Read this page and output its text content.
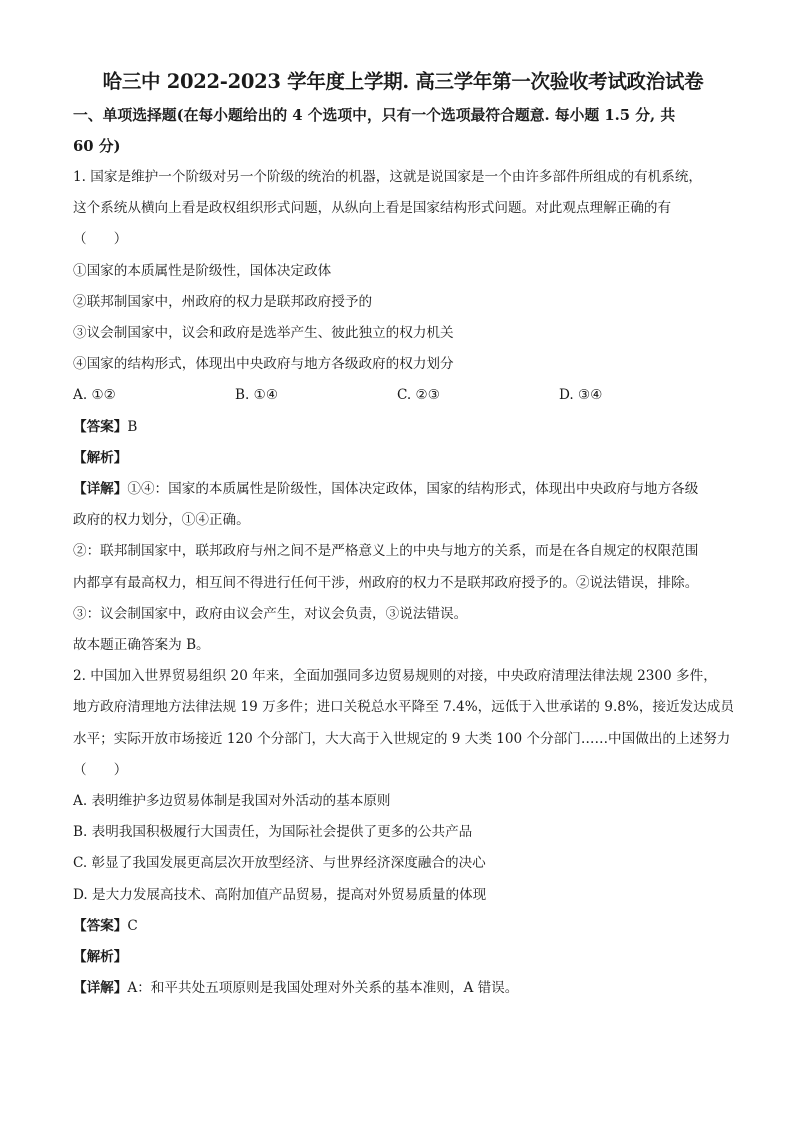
哈三中 2022-2023 学年度上学期. 高三学年第一次验收考试政治试卷
一、单项选择题(在每小题给出的 4 个选项中，只有一个选项最符合题意. 每小题 1.5 分, 共
60 分)
1. 国家是维护一个阶级对另一个阶级的统治的机器，这就是说国家是一个由许多部件所组成的有机系统，
这个系统从横向上看是政权组织形式问题，从纵向上看是国家结构形式问题。对此观点理解正确的有
（　　）
①国家的本质属性是阶级性，国体决定政体
②联邦制国家中，州政府的权力是联邦政府授予的
③议会制国家中，议会和政府是选举产生、彼此独立的权力机关
④国家的结构形式，体现出中央政府与地方各级政府的权力划分
A. ①②	B. ①④	C. ②③	D. ③④
【答案】B
【解析】
【详解】①④：国家的本质属性是阶级性，国体决定政体，国家的结构形式，体现出中央政府与地方各级
政府的权力划分，①④正确。
②：联邦制国家中，联邦政府与州之间不是严格意义上的中央与地方的关系，而是在各自规定的权限范围
内都享有最高权力，相互间不得进行任何干涉，州政府的权力不是联邦政府授予的。②说法错误，排除。
③：议会制国家中，政府由议会产生，对议会负责，③说法错误。
故本题正确答案为 B。
2. 中国加入世界贸易组织 20 年来，全面加强同多边贸易规则的对接，中央政府清理法律法规 2300 多件，
地方政府清理地方法律法规 19 万多件；进口关税总水平降至 7.4%，远低于入世承诺的 9.8%，接近发达成员
水平；实际开放市场接近 120 个分部门，大大高于入世规定的 9 大类 100 个分部门……中国做出的上述努力
（　　）
A. 表明维护多边贸易体制是我国对外活动的基本原则
B. 表明我国积极履行大国责任，为国际社会提供了更多的公共产品
C. 彰显了我国发展更高层次开放型经济、与世界经济深度融合的决心
D. 是大力发展高技术、高附加值产品贸易，提高对外贸易质量的体现
【答案】C
【解析】
【详解】A：和平共处五项原则是我国处理对外关系的基本准则，A 错误。
